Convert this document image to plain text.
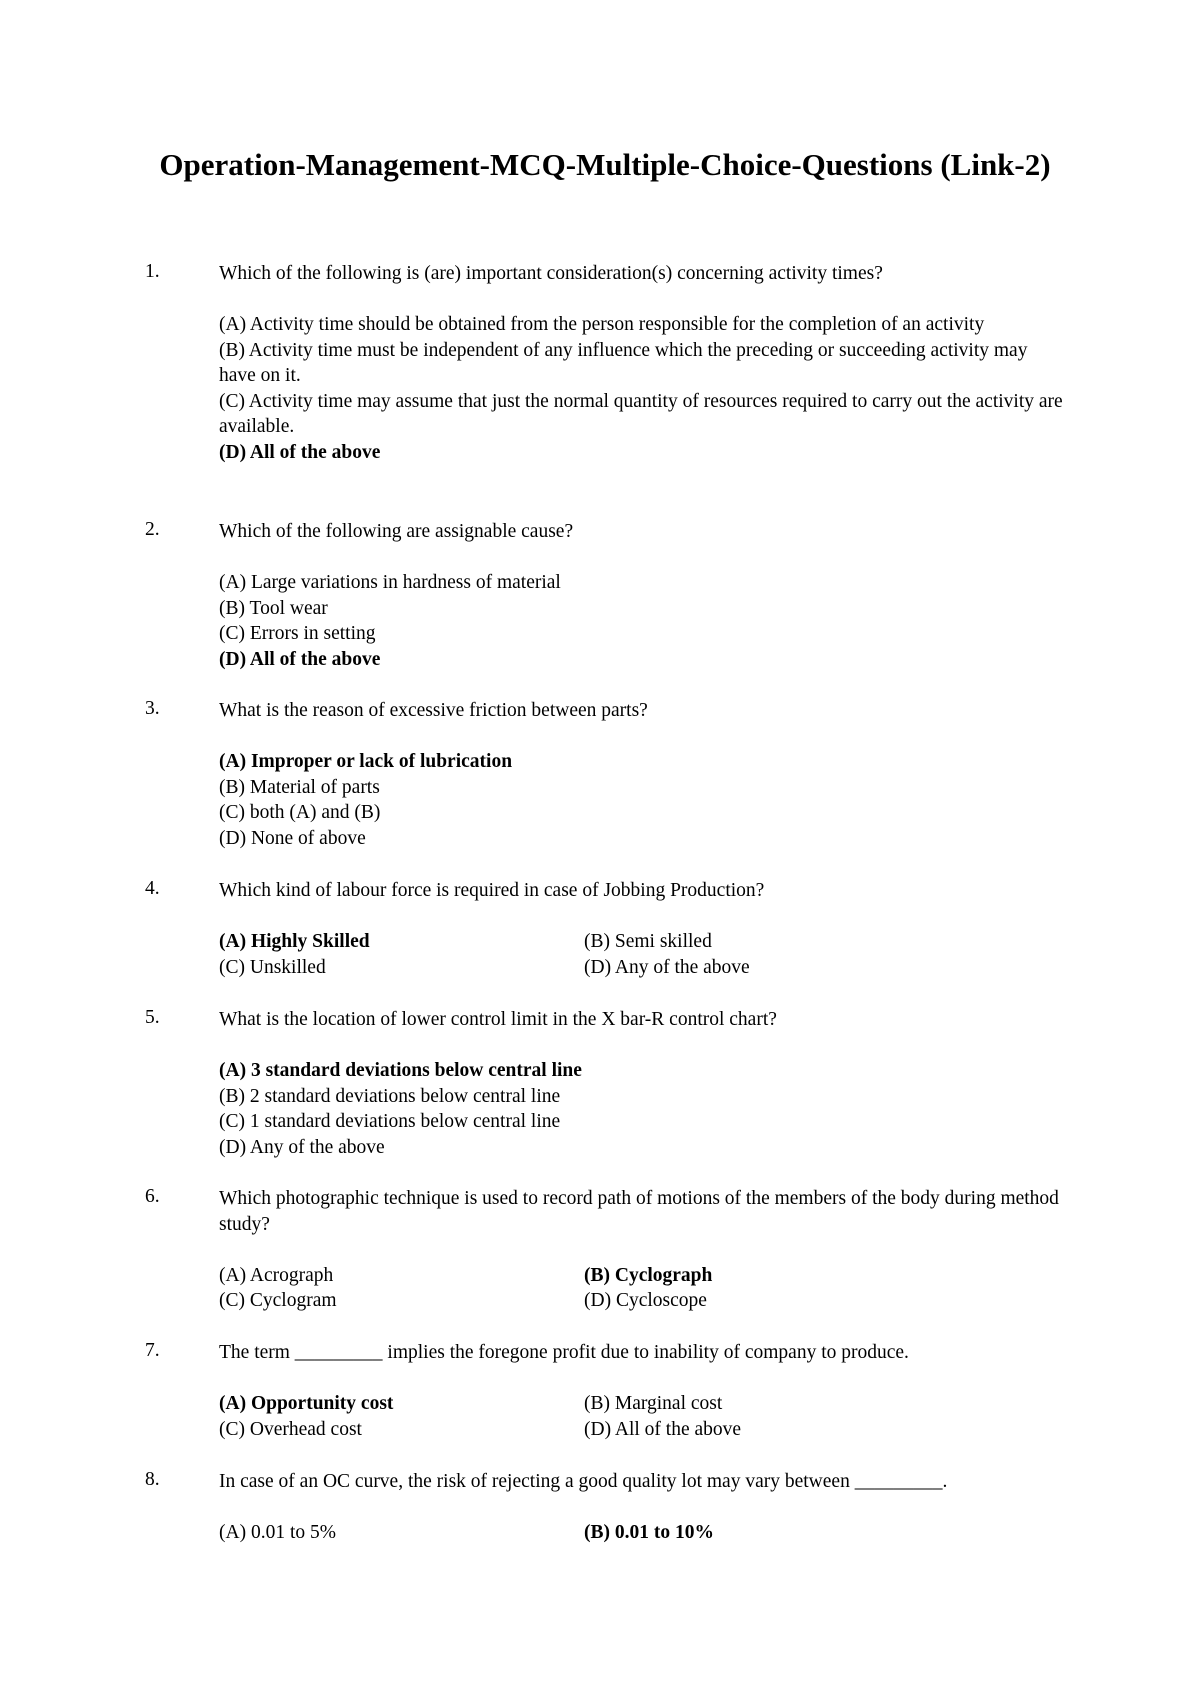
Operation-Management-MCQ-Multiple-Choice-Questions (Link-2)
1.	Which of the following is (are) important consideration(s) concerning activity times?
(A) Activity time should be obtained from the person responsible for the completion of an activity
(B) Activity time must be independent of any influence which the preceding or succeeding activity may have on it.
(C) Activity time may assume that just the normal quantity of resources required to carry out the activity are available.
(D) All of the above
2.	Which of the following are assignable cause?
(A) Large variations in hardness of material
(B) Tool wear
(C) Errors in setting
(D) All of the above
3.	What is the reason of excessive friction between parts?
(A) Improper or lack of lubrication
(B) Material of parts
(C) both (A) and (B)
(D) None of above
4.	Which kind of labour force is required in case of Jobbing Production?
(A) Highly Skilled	(B) Semi skilled
(C) Unskilled	(D) Any of the above
5.	What is the location of lower control limit in the X bar-R control chart?
(A) 3 standard deviations below central line
(B) 2 standard deviations below central line
(C) 1 standard deviations below central line
(D) Any of the above
6.	Which photographic technique is used to record path of motions of the members of the body during method study?
(A) Acrograph	(B) Cyclograph
(C) Cyclogram	(D) Cycloscope
7.	The term _________ implies the foregone profit due to inability of company to produce.
(A) Opportunity cost	(B) Marginal cost
(C) Overhead cost	(D) All of the above
8.	In case of an OC curve, the risk of rejecting a good quality lot may vary between _________.
(A) 0.01 to 5%	(B) 0.01 to 10%
